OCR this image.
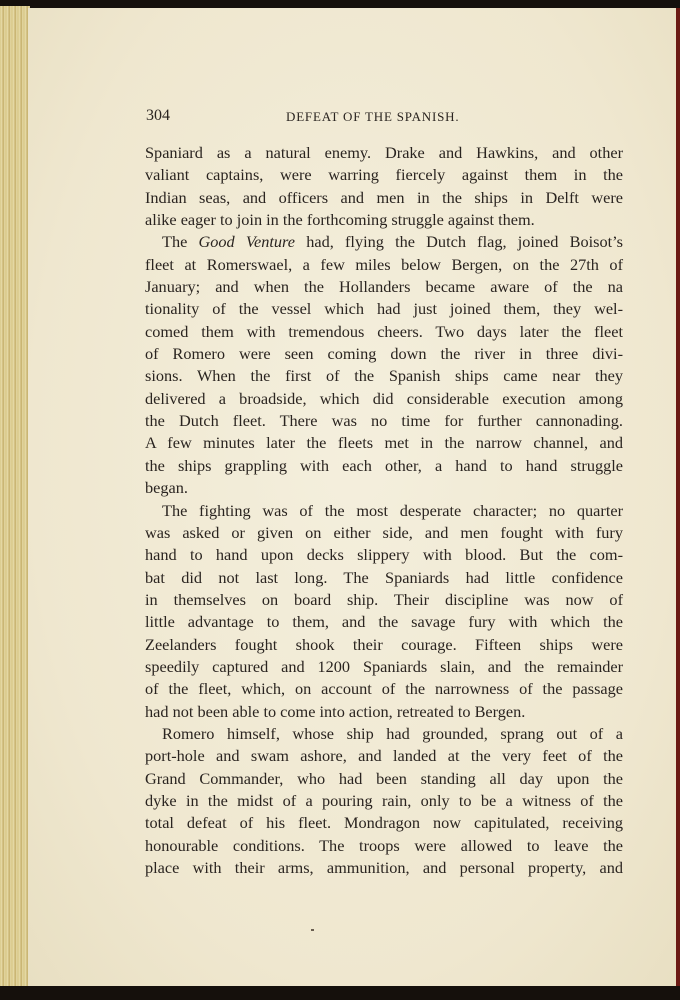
304	DEFEAT OF THE SPANISH.
Spaniard as a natural enemy. Drake and Hawkins, and other
valiant captains, were warring fiercely against them in the
Indian seas, and officers and men in the ships in Delft were
alike eager to join in the forthcoming struggle against them.
The Good Venture had, flying the Dutch flag, joined Boisot’s
fleet at Romerswael, a few miles below Bergen, on the 27th of
January; and when the Hollanders became aware of the na
tionality of the vessel which had just joined them, they wel-
comed them with tremendous cheers. Two days later the fleet
of Romero were seen coming down the river in three divi-
sions. When the first of the Spanish ships came near they
delivered a broadside, which did considerable execution among
the Dutch fleet. There was no time for further cannonading.
A few minutes later the fleets met in the narrow channel, and
the ships grappling with each other, a hand to hand struggle
began.
The fighting was of the most desperate character; no quarter
was asked or given on either side, and men fought with fury
hand to hand upon decks slippery with blood. But the com-
bat did not last long. The Spaniards had little confidence
in themselves on board ship. Their discipline was now of
little advantage to them, and the savage fury with which the
Zeelanders fought shook their courage. Fifteen ships were
speedily captured and 1200 Spaniards slain, and the remainder
of the fleet, which, on account of the narrowness of the passage
had not been able to come into action, retreated to Bergen.
Romero himself, whose ship had grounded, sprang out of a
port-hole and swam ashore, and landed at the very feet of the
Grand Commander, who had been standing all day upon the
dyke in the midst of a pouring rain, only to be a witness of the
total defeat of his fleet. Mondragon now capitulated, receiving
honourable conditions. The troops were allowed to leave the
place with their arms, ammunition, and personal property, and
